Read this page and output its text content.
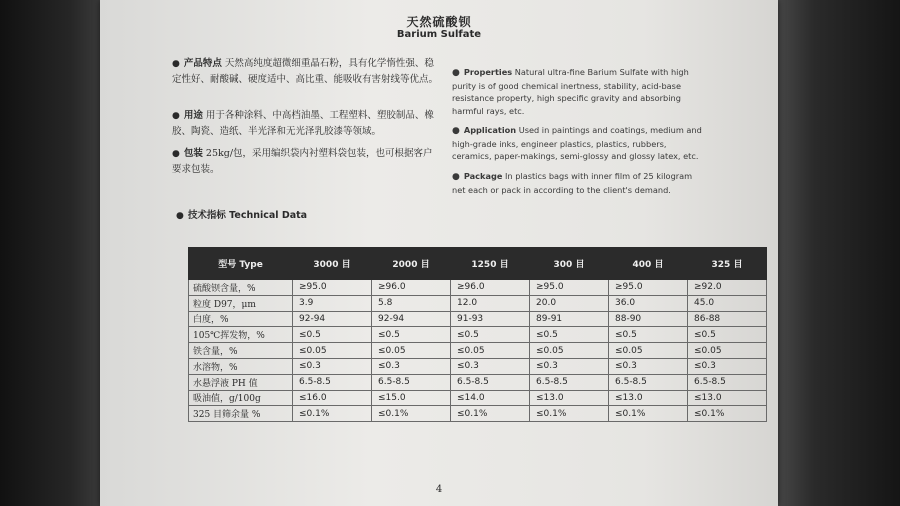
天然硫酸钡
Barium Sulfate
● 产品特点 天然高纯度超微细重晶石粉，具有化学惰性强、稳定性好、耐酸碱、硬度适中、高比重、能吸收有害射线等优点。
● 用途 用于各种涂料、中高档油墨、工程塑料、塑胶制品、橡胶、陶瓷、造纸、半光泽和无光泽乳胶漆等领域。
● 包装 25kg/包，采用编织袋内衬塑料袋包装，也可根据客户要求包装。
● Properties Natural ultra-fine Barium Sulfate with high purity is of good chemical inertness, stability, acid-base resistance property, high specific gravity and absorbing harmful rays, etc.
● Application Used in paintings and coatings, medium and high-grade inks, engineer plastics, plastics, rubbers, ceramics, paper-makings, semi-glossy and glossy latex, etc.
● Package In plastics bags with inner film of 25 kilogram net each or pack in according to the client's demand.
● 技术指标 Technical Data
型号 Type	3000 目	2000 目	1250 目	300 目	400 目	325 目
硫酸钡含量，%	≥95.0	≥96.0	≥96.0	≥95.0	≥95.0	≥92.0
粒度 D97，μm	3.9	5.8	12.0	20.0	36.0	45.0
白度，%	92-94	92-94	91-93	89-91	88-90	86-88
105℃挥发物，%	≤0.5	≤0.5	≤0.5	≤0.5	≤0.5	≤0.5
铁含量，%	≤0.05	≤0.05	≤0.05	≤0.05	≤0.05	≤0.05
水溶物，%	≤0.3	≤0.3	≤0.3	≤0.3	≤0.3	≤0.3
水悬浮液 PH 值	6.5-8.5	6.5-8.5	6.5-8.5	6.5-8.5	6.5-8.5	6.5-8.5
吸油值，g/100g	≤16.0	≤15.0	≤14.0	≤13.0	≤13.0	≤13.0
325 目筛余量 %	≤0.1%	≤0.1%	≤0.1%	≤0.1%	≤0.1%	≤0.1%
4
